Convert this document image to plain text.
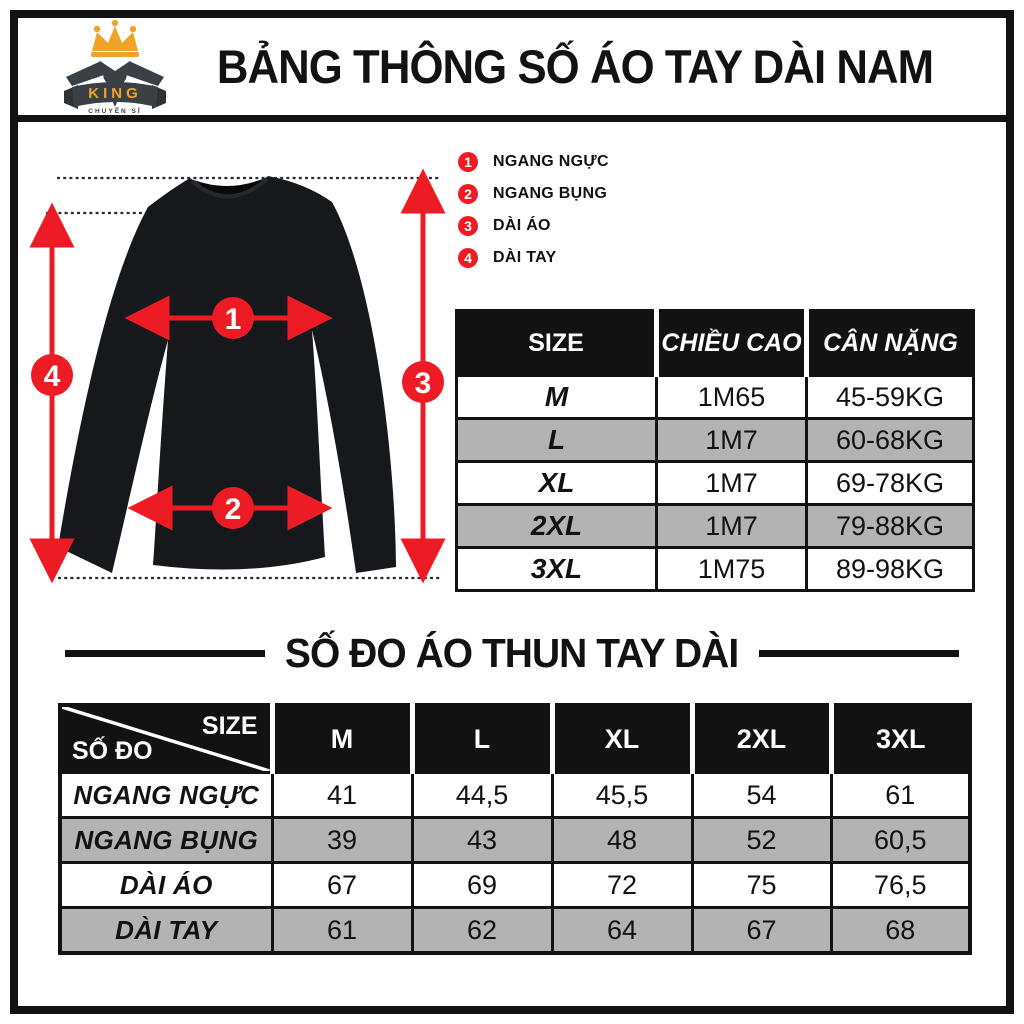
KING
CHUYÊN SỈ
BẢNG THÔNG SỐ ÁO TAY DÀI NAM
1
2
3
4
1	NGANG NGỰC
2	NGANG BỤNG
3	DÀI ÁO
4	DÀI TAY
SIZE	CHIỀU CAO	CÂN NẶNG
M	1M65	45-59KG
L	1M7	60-68KG
XL	1M7	69-78KG
2XL	1M7	79-88KG
3XL	1M75	89-98KG
SỐ ĐO ÁO THUN TAY DÀI
SIZE
SỐ ĐO	M	L	XL	2XL	3XL
NGANG NGỰC	41	44,5	45,5	54	61
NGANG BỤNG	39	43	48	52	60,5
DÀI ÁO	67	69	72	75	76,5
DÀI TAY	61	62	64	67	68
